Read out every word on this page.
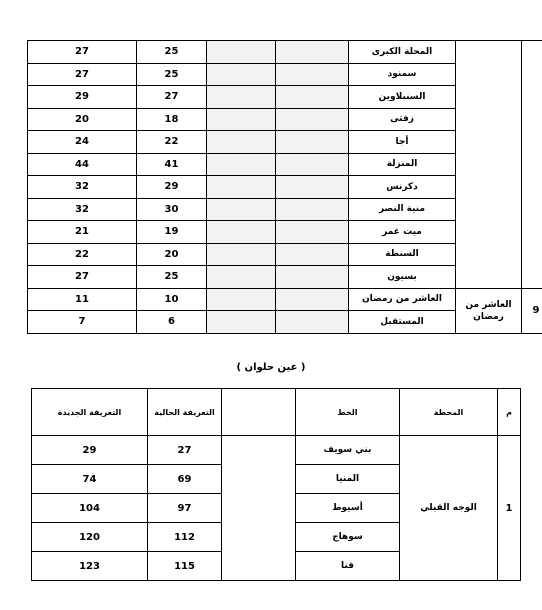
27	25			المحلة الكبرى		
27	25			سمنود		
29	27			السنبلاوين		
20	18			زفتى		
24	22			أجا		
44	41			المنزلة		
32	29			دكرنس		
32	30			منية النصر		
21	19			ميت غمر		
22	20			السنطة		
27	25			بسيون		
11	10			العاشر من رمضان	العاشر من رمضان	9
7	6			المستقبل		
( عين حلوان )
التعريفة الجديدة	التعريفة الحالية		الخط	المحطة	م
29	27		بني سويف	الوجه القبلي	1
74	69		المنيا		
104	97		أسيوط		
120	112		سوهاج		
123	115		قنا		
